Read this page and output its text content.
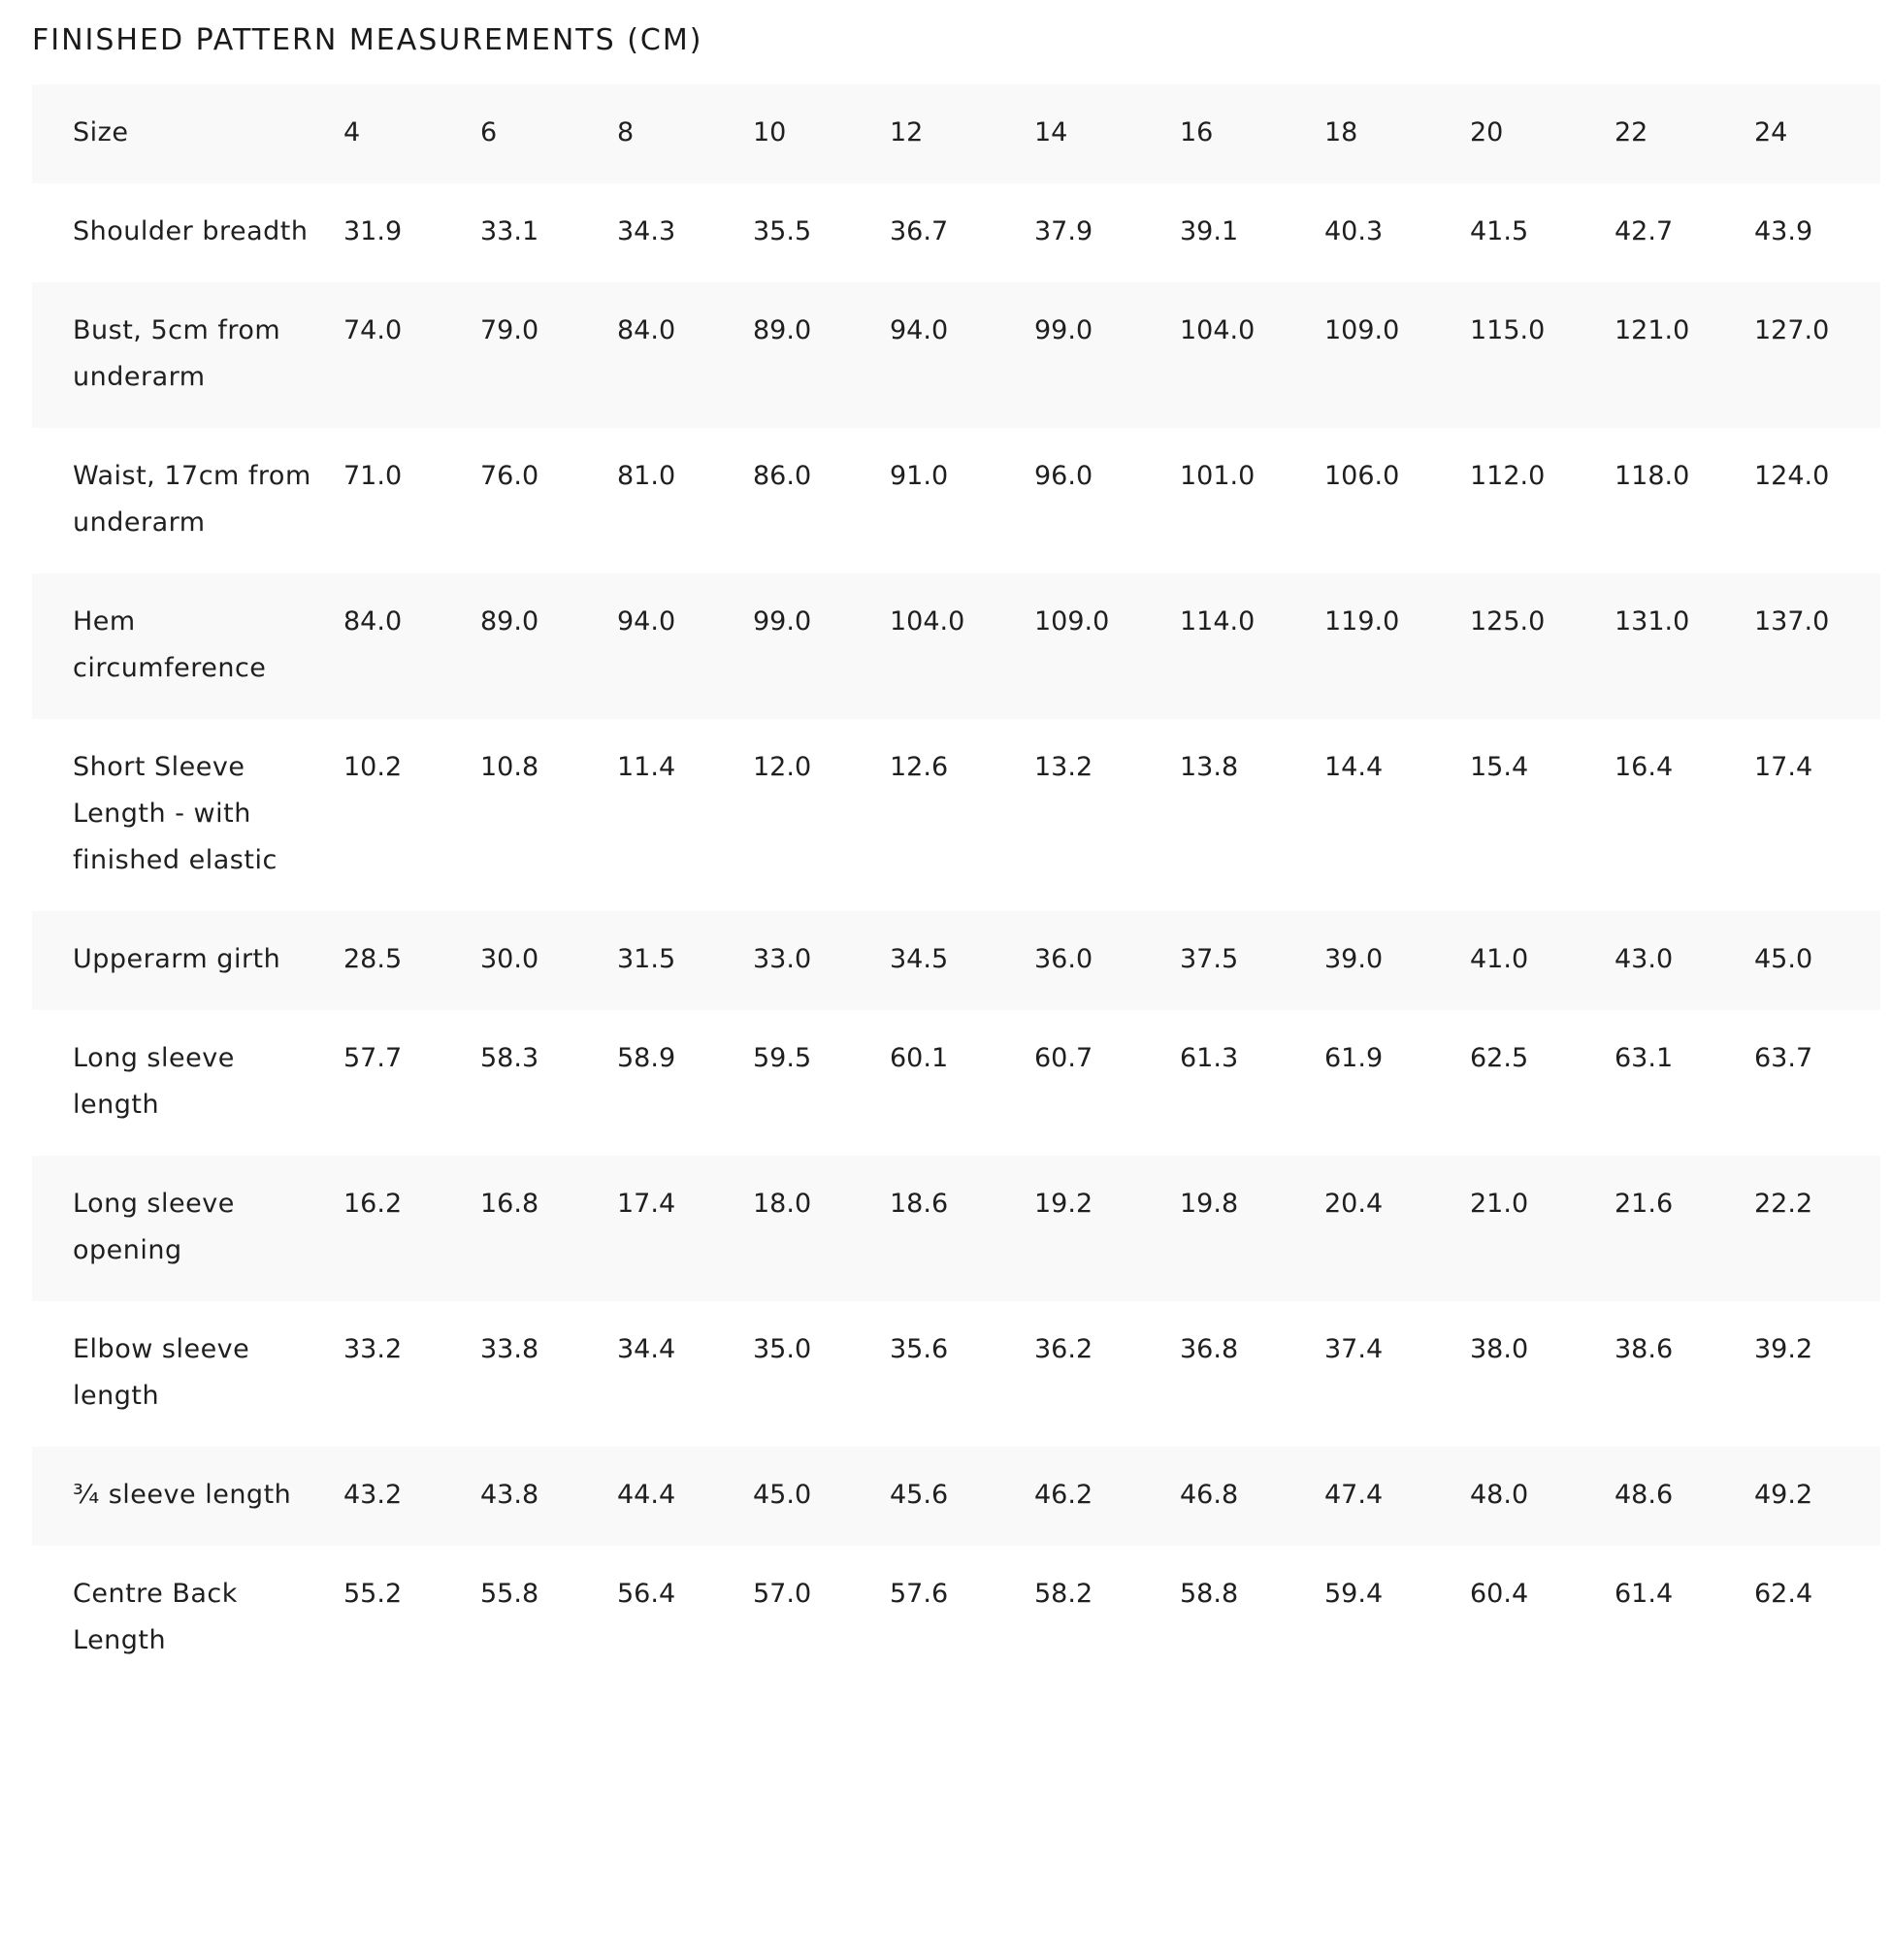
FINISHED PATTERN MEASUREMENTS (CM)
Size	4	6	8	10	12	14	16	18	20	22	24
Shoulder breadth	31.9	33.1	34.3	35.5	36.7	37.9	39.1	40.3	41.5	42.7	43.9
Bust, 5cm from underarm	74.0	79.0	84.0	89.0	94.0	99.0	104.0	109.0	115.0	121.0	127.0
Waist, 17cm from underarm	71.0	76.0	81.0	86.0	91.0	96.0	101.0	106.0	112.0	118.0	124.0
Hem circumference	84.0	89.0	94.0	99.0	104.0	109.0	114.0	119.0	125.0	131.0	137.0
Short Sleeve Length - with finished elastic	10.2	10.8	11.4	12.0	12.6	13.2	13.8	14.4	15.4	16.4	17.4
Upperarm girth	28.5	30.0	31.5	33.0	34.5	36.0	37.5	39.0	41.0	43.0	45.0
Long sleeve length	57.7	58.3	58.9	59.5	60.1	60.7	61.3	61.9	62.5	63.1	63.7
Long sleeve opening	16.2	16.8	17.4	18.0	18.6	19.2	19.8	20.4	21.0	21.6	22.2
Elbow sleeve length	33.2	33.8	34.4	35.0	35.6	36.2	36.8	37.4	38.0	38.6	39.2
³⁄₄ sleeve length	43.2	43.8	44.4	45.0	45.6	46.2	46.8	47.4	48.0	48.6	49.2
Centre Back Length	55.2	55.8	56.4	57.0	57.6	58.2	58.8	59.4	60.4	61.4	62.4
